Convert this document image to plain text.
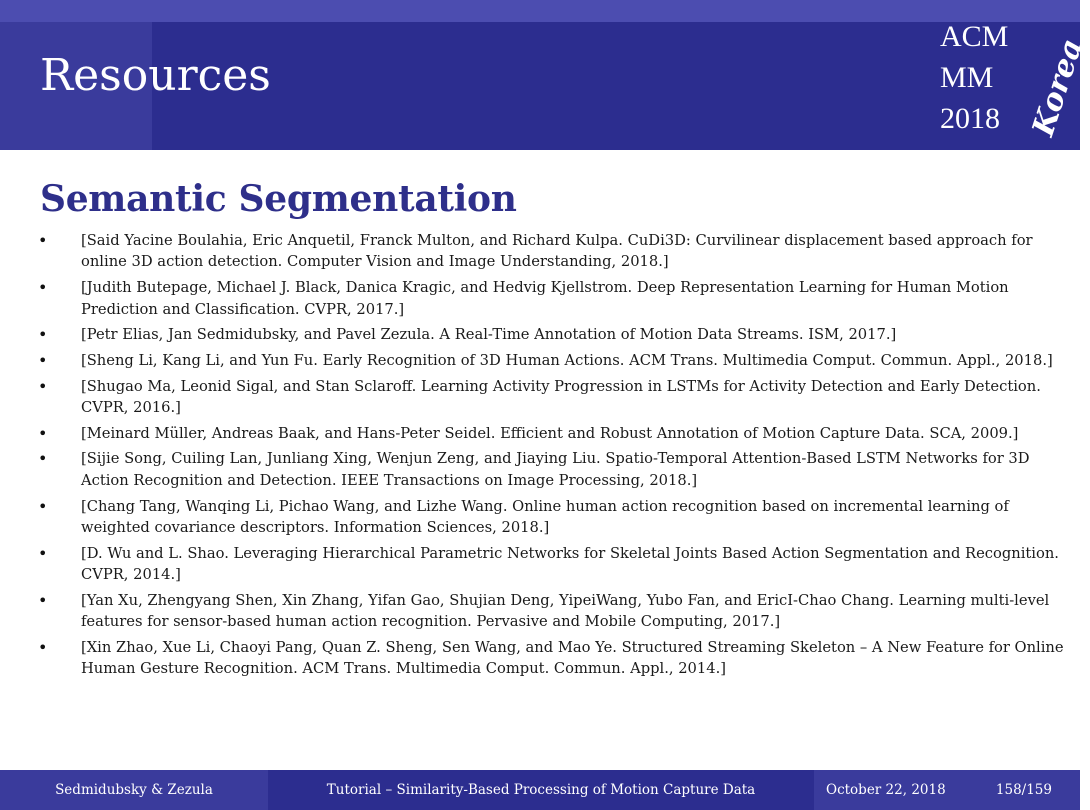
Resources
ACM
MM
2018 Korea
Semantic Segmentation
•	[Said Yacine Boulahia, Eric Anquetil, Franck Multon, and Richard Kulpa. CuDi3D: Curvilinear displacement based approach for online 3D action detection. Computer Vision and Image Understanding, 2018.]
•	[Judith Butepage, Michael J. Black, Danica Kragic, and Hedvig Kjellstrom. Deep Representation Learning for Human Motion Prediction and Classification. CVPR, 2017.]
•	[Petr Elias, Jan Sedmidubsky, and Pavel Zezula. A Real-Time Annotation of Motion Data Streams. ISM, 2017.]
•	[Sheng Li, Kang Li, and Yun Fu. Early Recognition of 3D Human Actions. ACM Trans. Multimedia Comput. Commun. Appl., 2018.]
•	[Shugao Ma, Leonid Sigal, and Stan Sclaroff. Learning Activity Progression in LSTMs for Activity Detection and Early Detection. CVPR, 2016.]
•	[Meinard Müller, Andreas Baak, and Hans-Peter Seidel. Efficient and Robust Annotation of Motion Capture Data. SCA, 2009.]
•	[Sijie Song, Cuiling Lan, Junliang Xing, Wenjun Zeng, and Jiaying Liu. Spatio-Temporal Attention-Based LSTM Networks for 3D Action Recognition and Detection. IEEE Transactions on Image Processing, 2018.]
•	[Chang Tang, Wanqing Li, Pichao Wang, and Lizhe Wang. Online human action recognition based on incremental learning of weighted covariance descriptors. Information Sciences, 2018.]
•	[D. Wu and L. Shao. Leveraging Hierarchical Parametric Networks for Skeletal Joints Based Action Segmentation and Recognition. CVPR, 2014.]
•	[Yan Xu, Zhengyang Shen, Xin Zhang, Yifan Gao, Shujian Deng, YipeiWang, Yubo Fan, and EricI-Chao Chang. Learning multi-level features for sensor-based human action recognition. Pervasive and Mobile Computing, 2017.]
•	[Xin Zhao, Xue Li, Chaoyi Pang, Quan Z. Sheng, Sen Wang, and Mao Ye. Structured Streaming Skeleton – A New Feature for Online Human Gesture Recognition. ACM Trans. Multimedia Comput. Commun. Appl., 2014.]
Sedmidubsky & Zezula	Tutorial – Similarity-Based Processing of Motion Capture Data	October 22, 2018	158/159
